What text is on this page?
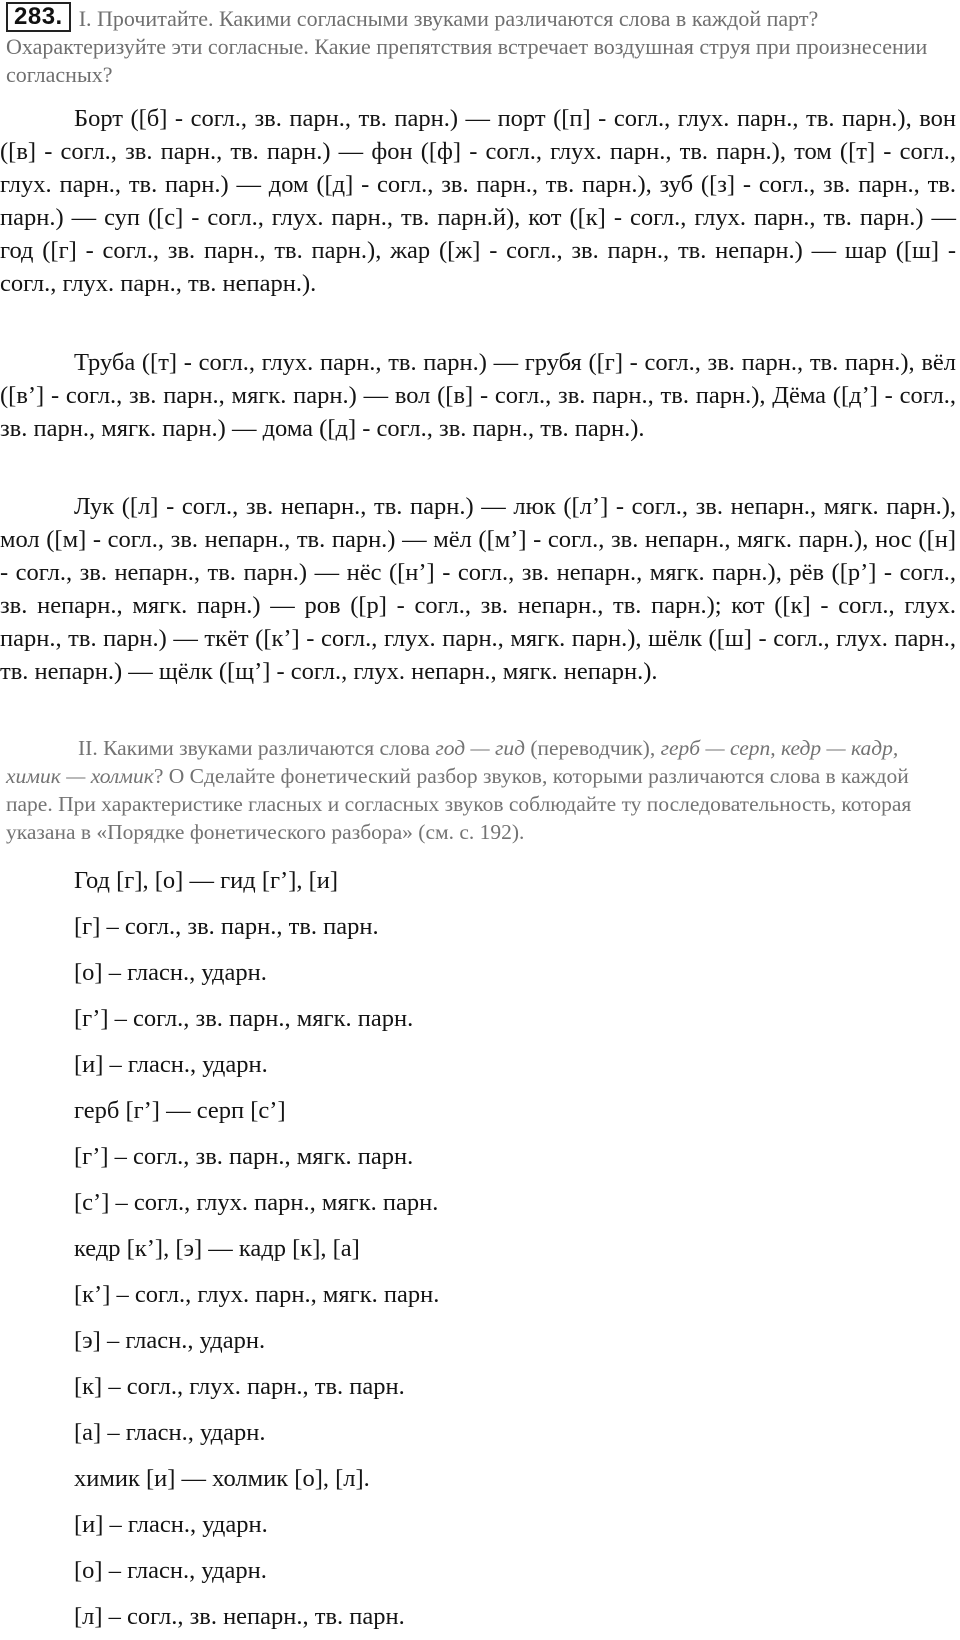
283. I. Прочитайте. Какими согласными звуками различаются слова в каждой парт? Охарактеризуйте эти согласные. Какие препятствия встречает воздушная струя при произнесении согласных?

Борт ([б] - согл., зв. парн., тв. парн.) — порт ([п] - согл., глух. парн., тв. парн.), вон ([в] - согл., зв. парн., тв. парн.) — фон ([ф] - согл., глух. парн., тв. парн.), том ([т] - согл., глух. парн., тв. парн.) — дом ([д] - согл., зв. парн., тв. парн.), зуб ([з] - согл., зв. парн., тв. парн.) — суп ([с] - согл., глух. парн., тв. парн.й), кот ([к] - согл., глух. парн., тв. парн.) — год ([г] - согл., зв. парн., тв. парн.), жар ([ж] - согл., зв. парн., тв. непарн.) — шар ([ш] - согл., глух. парн., тв. непарн.).

Труба ([т] - согл., глух. парн., тв. парн.) — грубя ([г] - согл., зв. парн., тв. парн.), вёл ([в’] - согл., зв. парн., мягк. парн.) — вол ([в] - согл., зв. парн., тв. парн.), Дёма ([д’] - согл., зв. парн., мягк. парн.) — дома ([д] - согл., зв. парн., тв. парн.).

Лук ([л] - согл., зв. непарн., тв. парн.) — люк ([л’] - согл., зв. непарн., мягк. парн.), мол ([м] - согл., зв. непарн., тв. парн.) — мёл ([м’] - согл., зв. непарн., мягк. парн.), нос ([н] - согл., зв. непарн., тв. парн.) — нёс ([н’] - согл., зв. непарн., мягк. парн.), рёв ([р’] - согл., зв. непарн., мягк. парн.) — ров ([р] - согл., зв. непарн., тв. парн.); кот ([к] - согл., глух. парн., тв. парн.) — ткёт ([к’] - согл., глух. парн., мягк. парн.), шёлк ([ш] - согл., глух. парн., тв. непарн.) — щёлк ([щ’] - согл., глух. непарн., мягк. непарн.).

II. Какими звуками различаются слова год — гид (переводчик), герб — серп, кедр — кадр, химик — холмик? О Сделайте фонетический разбор звуков, которыми различаются слова в каждой паре. При характеристике гласных и согласных звуков соблюдайте ту последовательность, которая указана в «Порядке фонетического разбора» (см. с. 192).

Год [г], [о] — гид [г’], [и]
[г] – согл., зв. парн., тв. парн.
[о] – гласн., ударн.
[г’] – согл., зв. парн., мягк. парн.
[и] – гласн., ударн.
герб [г’] — серп [с’]
[г’] – согл., зв. парн., мягк. парн.
[с’] – согл., глух. парн., мягк. парн.
кедр [к’], [э] — кадр [к], [а]
[к’] – согл., глух. парн., мягк. парн.
[э] – гласн., ударн.
[к] – согл., глух. парн., тв. парн.
[а] – гласн., ударн.
химик [и] — холмик [о], [л].
[и] – гласн., ударн.
[о] – гласн., ударн.
[л] – согл., зв. непарн., тв. парн.
